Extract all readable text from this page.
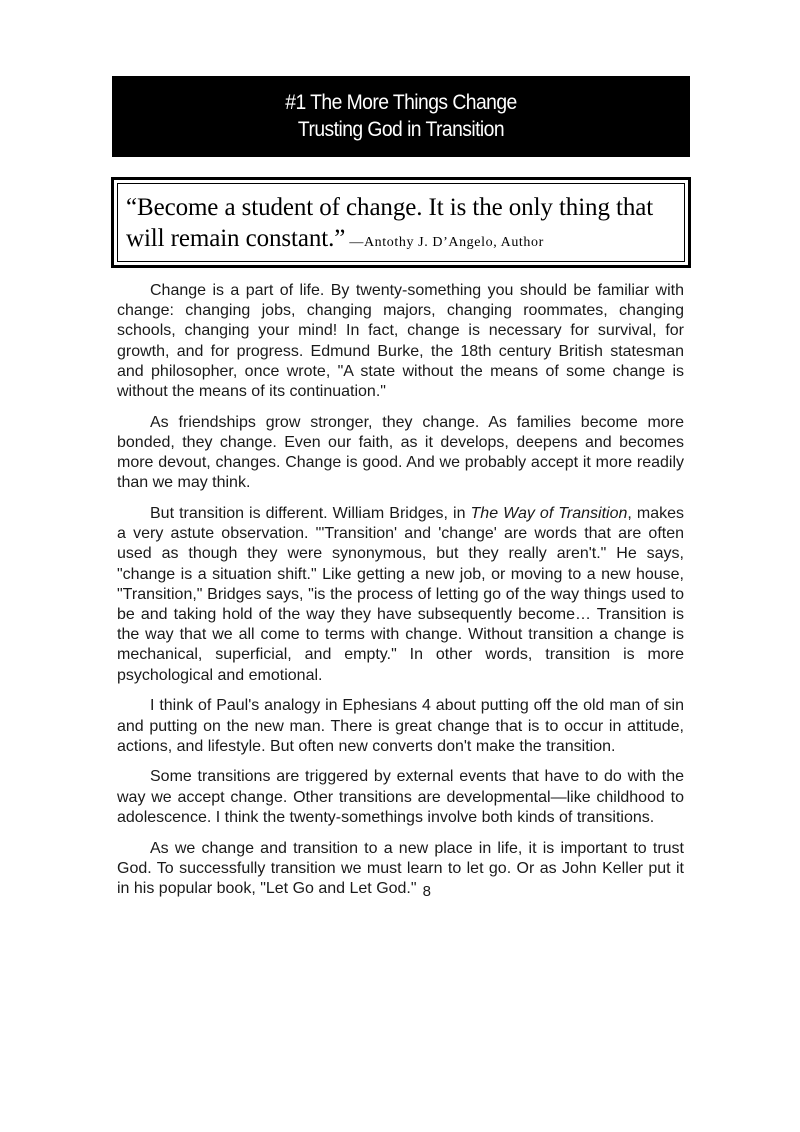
#1 The More Things Change
Trusting God in Transition
“Become a student of change. It is the only thing that will remain constant.” —Antothy J. D’Angelo, Author

Change is a part of life. By twenty-something you should be familiar with change: changing jobs, changing majors, changing roommates, changing schools, changing your mind! In fact, change is necessary for survival, for growth, and for progress. Edmund Burke, the 18th century British statesman and philosopher, once wrote, "A state without the means of some change is without the means of its continuation."

As friendships grow stronger, they change. As families become more bonded, they change. Even our faith, as it develops, deepens and becomes more devout, changes. Change is good. And we probably accept it more readily than we may think.

But transition is different. William Bridges, in The Way of Transition, makes a very astute observation. "'Transition' and 'change' are words that are often used as though they were synonymous, but they really aren't." He says, "change is a situation shift." Like getting a new job, or moving to a new house, "Transition," Bridges says, "is the process of letting go of the way things used to be and taking hold of the way they have subsequently become… Transition is the way that we all come to terms with change. Without transition a change is mechanical, superficial, and empty." In other words, transition is more psychological and emotional.

I think of Paul's analogy in Ephesians 4 about putting off the old man of sin and putting on the new man. There is great change that is to occur in attitude, actions, and lifestyle. But often new converts don't make the transition.

Some transitions are triggered by external events that have to do with the way we accept change. Other transitions are developmental—like childhood to adolescence. I think the twenty-somethings involve both kinds of transitions.

As we change and transition to a new place in life, it is important to trust God. To successfully transition we must learn to let go. Or as John Keller put it in his popular book, "Let Go and Let God." 8
